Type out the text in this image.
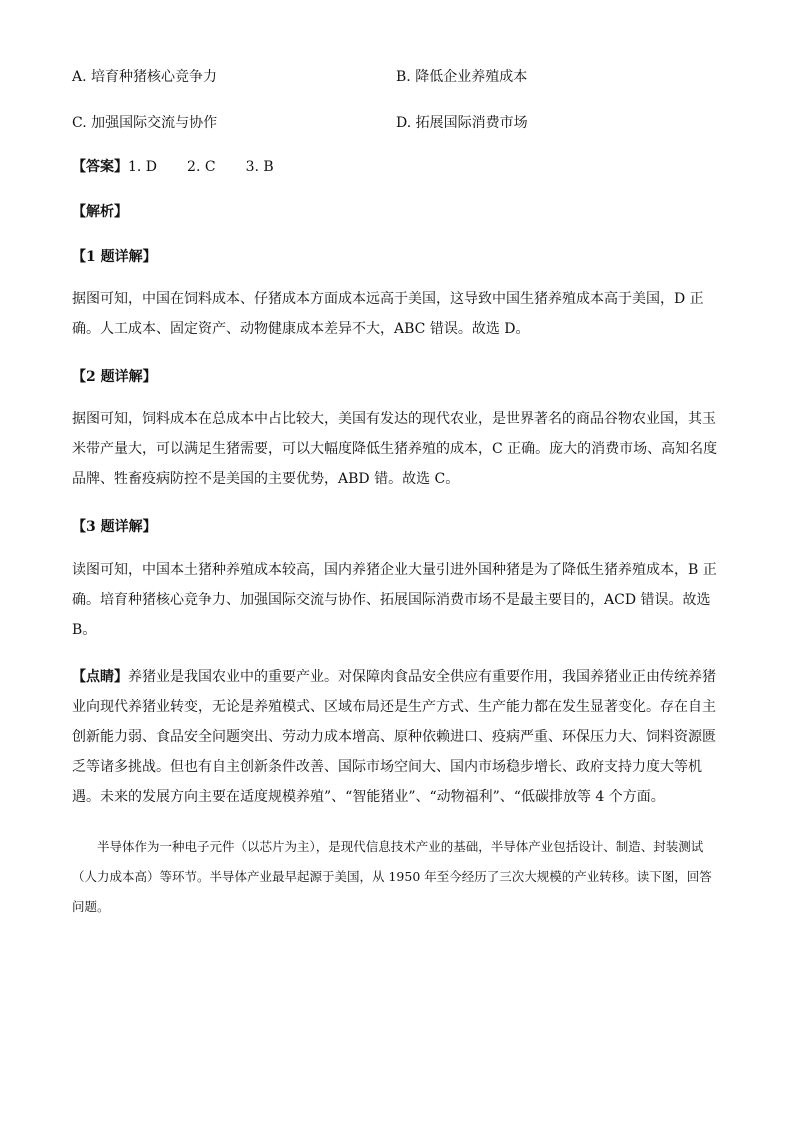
A. 培育种猪核心竞争力	B. 降低企业养殖成本
C. 加强国际交流与协作	D. 拓展国际消费市场
【答案】1. D 2. C 3. B
【解析】
【1 题详解】

据图可知，中国在饲料成本、仔猪成本方面成本远高于美国，这导致中国生猪养殖成本高于美国，D 正确。人工成本、固定资产、动物健康成本差异不大，ABC 错误。故选 D。

【2 题详解】

据图可知，饲料成本在总成本中占比较大，美国有发达的现代农业，是世界著名的商品谷物农业国，其玉米带产量大，可以满足生猪需要，可以大幅度降低生猪养殖的成本，C 正确。庞大的消费市场、高知名度品牌、牲畜疫病防控不是美国的主要优势，ABD 错。故选 C。

【3 题详解】

读图可知，中国本土猪种养殖成本较高，国内养猪企业大量引进外国种猪是为了降低生猪养殖成本，B 正确。培育种猪核心竞争力、加强国际交流与协作、拓展国际消费市场不是最主要目的，ACD 错误。故选 B。

【点睛】养猪业是我国农业中的重要产业。对保障肉食品安全供应有重要作用，我国养猪业正由传统养猪业向现代养猪业转变，无论是养殖模式、区域布局还是生产方式、生产能力都在发生显著变化。存在自主创新能力弱、食品安全问题突出、劳动力成本增高、原种依赖进口、疫病严重、环保压力大、饲料资源匮乏等诸多挑战。但也有自主创新条件改善、国际市场空间大、国内市场稳步增长、政府支持力度大等机遇。未来的发展方向主要在适度规模养殖”、“智能猪业”、“动物福利”、“低碳排放等 4 个方面。

半导体作为一种电子元件（以芯片为主），是现代信息技术产业的基础，半导体产业包括设计、制造、封装测试（人力成本高）等环节。半导体产业最早起源于美国，从 1950 年至今经历了三次大规模的产业转移。读下图，回答问题。
